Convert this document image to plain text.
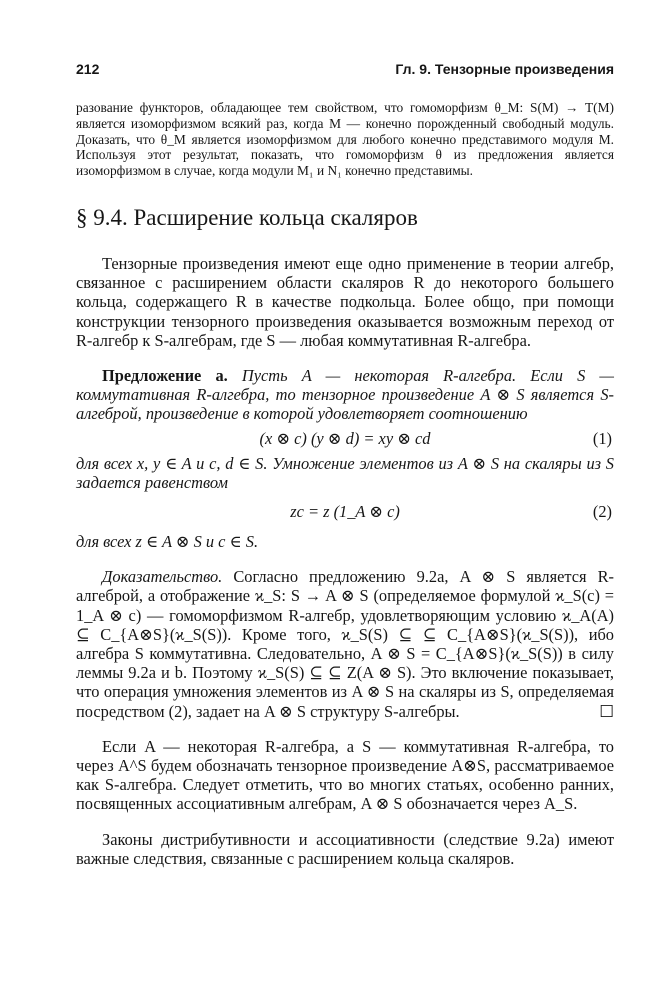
212	Гл. 9. Тензорные произведения

разование функторов, обладающее тем свойством, что гомоморфизм θ_M: S(M) → T(M) является изоморфизмом всякий раз, когда M — конечно порожденный свободный модуль. Доказать, что θ_M является изоморфизмом для любого конечно представимого модуля M. Используя этот результат, показать, что гомоморфизм θ из предложения является изоморфизмом в случае, когда модули M₁ и N₁ конечно представимы.

§ 9.4. Расширение кольца скаляров

Тензорные произведения имеют еще одно применение в теории алгебр, связанное с расширением области скаляров R до некоторого большего кольца, содержащего R в качестве подкольца. Более общо, при помощи конструкции тензорного произведения оказывается возможным переход от R-алгебр к S-алгебрам, где S — любая коммутативная R-алгебра.

Предложение а. Пусть A — некоторая R-алгебра. Если S — коммутативная R-алгебра, то тензорное произведение A ⊗ S является S-алгеброй, произведение в которой удовлетворяет соотношению

(x ⊗ c) (y ⊗ d) = xy ⊗ cd	(1)

для всех x, y ∈ A и c, d ∈ S. Умножение элементов из A ⊗ S на скаляры из S задается равенством

zc = z (1_A ⊗ c)	(2)

для всех z ∈ A ⊗ S и c ∈ S.

Доказательство. Согласно предложению 9.2а, A ⊗ S является R-алгеброй, а отображение ϰ_S: S → A ⊗ S (определяемое формулой ϰ_S(c) = 1_A ⊗ c) — гомоморфизмом R-алгебр, удовлетворяющим условию ϰ_A(A) ⊆ C_{A⊗S}(ϰ_S(S)). Кроме того, ϰ_S(S) ⊆ ⊆ C_{A⊗S}(ϰ_S(S)), ибо алгебра S коммутативна. Следовательно, A ⊗ S = C_{A⊗S}(ϰ_S(S)) в силу леммы 9.2а и b. Поэтому ϰ_S(S) ⊆ ⊆ Z(A ⊗ S). Это включение показывает, что операция умножения элементов из A ⊗ S на скаляры из S, определяемая посредством (2), задает на A ⊗ S структуру S-алгебры.	☐

Если A — некоторая R-алгебра, а S — коммутативная R-алгебра, то через A^S будем обозначать тензорное произведение A⊗S, рассматриваемое как S-алгебра. Следует отметить, что во многих статьях, особенно ранних, посвященных ассоциативным алгебрам, A ⊗ S обозначается через A_S.

Законы дистрибутивности и ассоциативности (следствие 9.2а) имеют важные следствия, связанные с расширением кольца скаляров.
